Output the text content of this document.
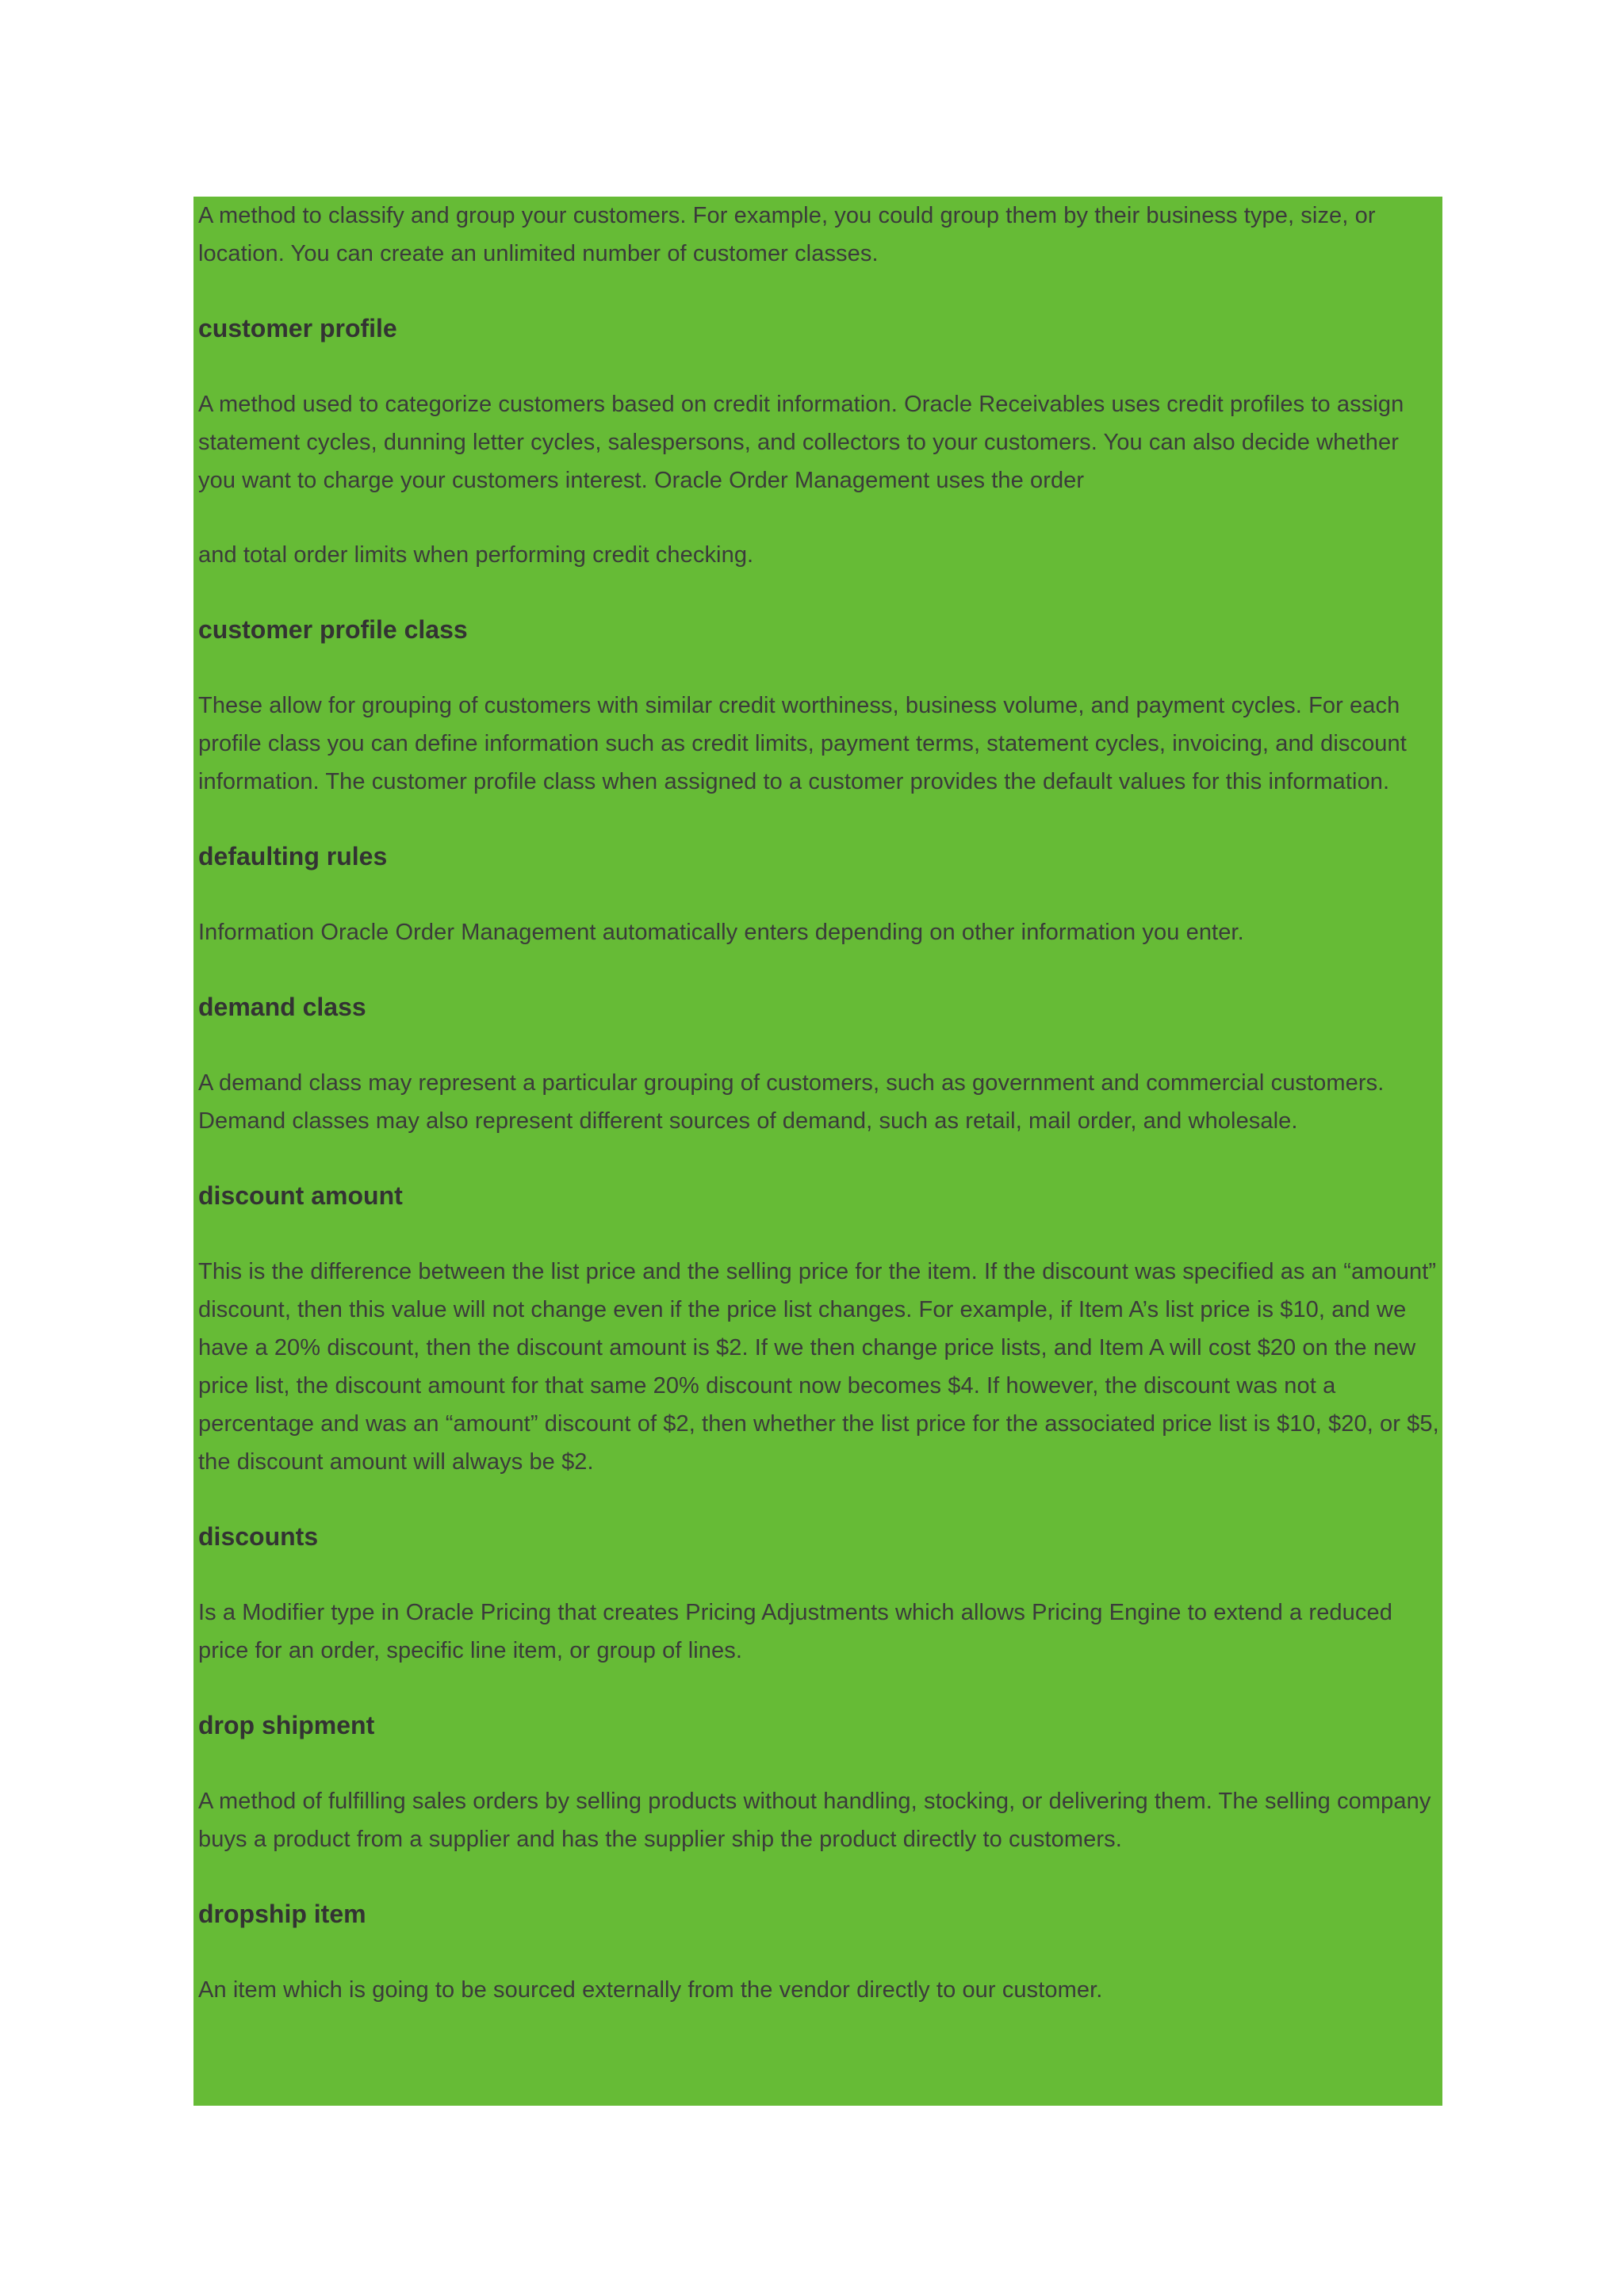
A method to classify and group your customers. For example, you could group them by their business type, size, or location. You can create an unlimited number of customer classes.

customer profile

A method used to categorize customers based on credit information. Oracle Receivables uses credit profiles to assign statement cycles, dunning letter cycles, salespersons, and collectors to your customers. You can also decide whether you want to charge your customers interest. Oracle Order Management uses the order

and total order limits when performing credit checking.

customer profile class

These allow for grouping of customers with similar credit worthiness, business volume, and payment cycles. For each profile class you can define information such as credit limits, payment terms, statement cycles, invoicing, and discount information. The customer profile class when assigned to a customer provides the default values for this information.

defaulting rules

Information Oracle Order Management automatically enters depending on other information you enter.

demand class

A demand class may represent a particular grouping of customers, such as government and commercial customers. Demand classes may also represent different sources of demand, such as retail, mail order, and wholesale.

discount amount

This is the difference between the list price and the selling price for the item. If the discount was specified as an “amount” discount, then this value will not change even if the price list changes. For example, if Item A’s list price is $10, and we have a 20% discount, then the discount amount is $2. If we then change price lists, and Item A will cost $20 on the new price list, the discount amount for that same 20% discount now becomes $4. If however, the discount was not a percentage and was an “amount” discount of $2, then whether the list price for the associated price list is $10, $20, or $5, the discount amount will always be $2.

discounts

Is a Modifier type in Oracle Pricing that creates Pricing Adjustments which allows Pricing Engine to extend a reduced price for an order, specific line item, or group of lines.

drop shipment

A method of fulfilling sales orders by selling products without handling, stocking, or delivering them. The selling company buys a product from a supplier and has the supplier ship the product directly to customers.

dropship item

An item which is going to be sourced externally from the vendor directly to our customer.
